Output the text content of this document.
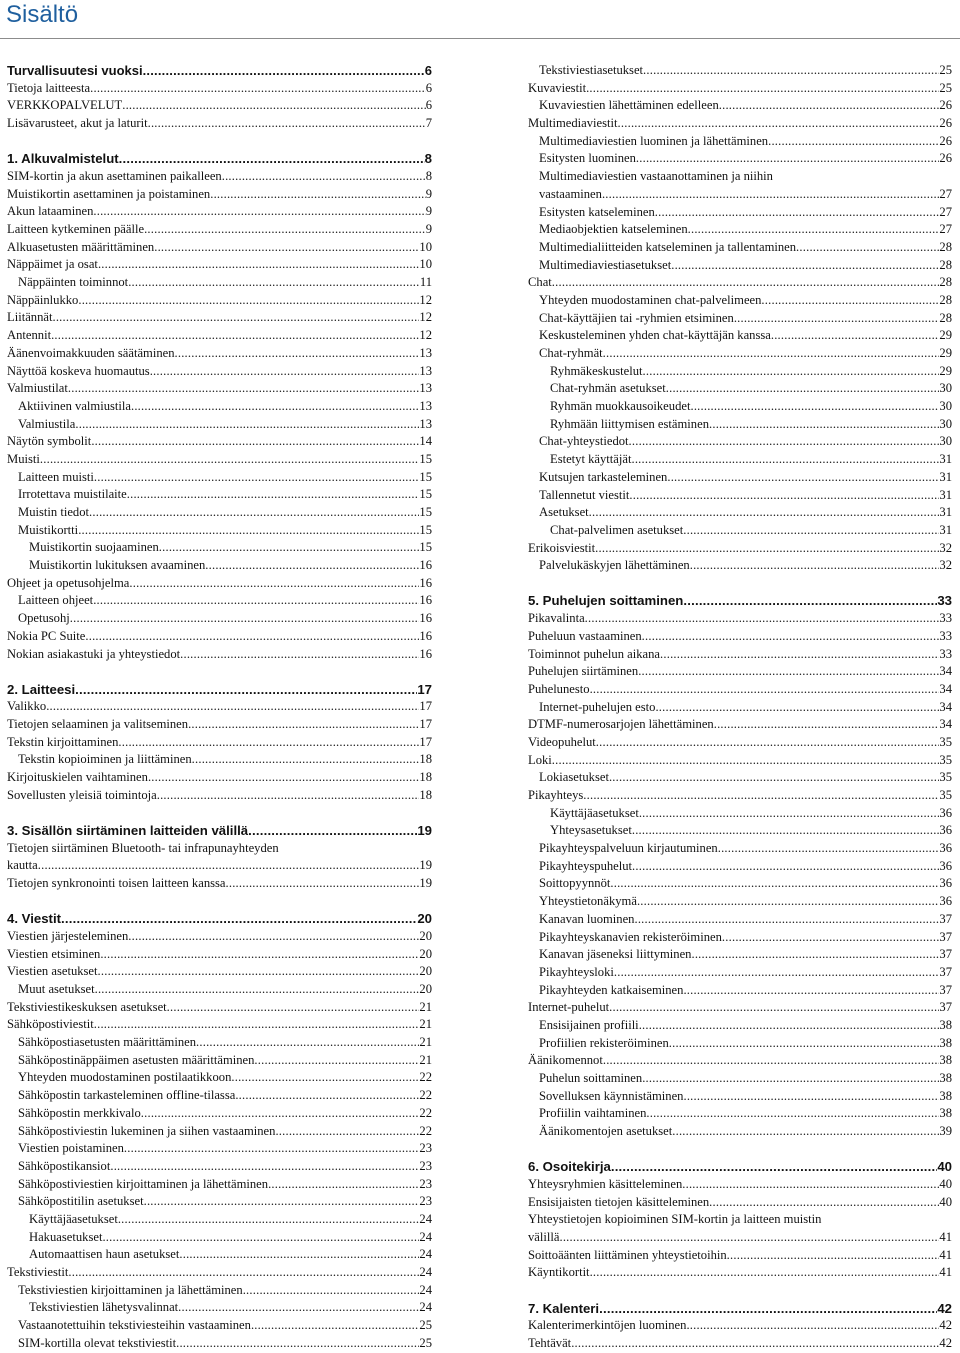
Sisältö
Turvallisuutesi vuoksi .....	6
Tietoja laitteesta .....	6
VERKKOPALVELUT .....	6
Lisävarusteet, akut ja laturit .....	7
1. Alkuvalmistelut .....	8
SIM-kortin ja akun asettaminen paikalleen .....	8
Muistikortin asettaminen ja poistaminen .....	9
Akun lataaminen .....	9
Laitteen kytkeminen päälle .....	9
Alkuasetusten määrittäminen .....	10
Näppäimet ja osat .....	10
Näppäinten toiminnot .....	11
Näppäinlukko .....	12
Liitännät .....	12
Antennit .....	12
Äänenvoimakkuuden säätäminen .....	13
Näyttöä koskeva huomautus .....	13
Valmiustilat .....	13
Aktiivinen valmiustila .....	13
Valmiustila .....	13
Näytön symbolit .....	14
Muisti .....	15
Laitteen muisti .....	15
Irrotettava muistilaite .....	15
Muistin tiedot .....	15
Muistikortti .....	15
Muistikortin suojaaminen .....	15
Muistikortin lukituksen avaaminen .....	16
Ohjeet ja opetusohjelma .....	16
Laitteen ohjeet .....	16
Opetusohj .....	16
Nokia PC Suite .....	16
Nokian asiakastuki ja yhteystiedot .....	16
2. Laitteesi .....	17
Valikko .....	17
Tietojen selaaminen ja valitseminen .....	17
Tekstin kirjoittaminen .....	17
Tekstin kopioiminen ja liittäminen .....	18
Kirjoituskielen vaihtaminen .....	18
Sovellusten yleisiä toimintoja .....	18
3. Sisällön siirtäminen laitteiden välillä .....	19
Tietojen siirtäminen Bluetooth- tai infrapunayhteyden
kautta .....	19
Tietojen synkronointi toisen laitteen kanssa .....	19
4. Viestit .....	20
Viestien järjesteleminen .....	20
Viestien etsiminen .....	20
Viestien asetukset .....	20
Muut asetukset .....	20
Tekstiviestikeskuksen asetukset .....	21
Sähköpostiviestit .....	21
Sähköpostiasetusten määrittäminen .....	21
Sähköpostinäppäimen asetusten määrittäminen .....	21
Yhteyden muodostaminen postilaatikkoon .....	22
Sähköpostin tarkasteleminen offline-tilassa .....	22
Sähköpostin merkkivalo .....	22
Sähköpostiviestin lukeminen ja siihen vastaaminen .....	22
Viestien poistaminen .....	23
Sähköpostikansiot .....	23
Sähköpostiviestien kirjoittaminen ja lähettäminen .....	23
Sähköpostitilin asetukset .....	23
Käyttäjäasetukset .....	24
Hakuasetukset .....	24
Automaattisen haun asetukset .....	24
Tekstiviestit .....	24
Tekstiviestien kirjoittaminen ja lähettäminen .....	24
Tekstiviestien lähetysvalinnat .....	24
Vastaanotettuihin tekstiviesteihin vastaaminen .....	25
SIM-kortilla olevat tekstiviestit .....	25
Tekstiviestiasetukset .....	25
Kuvaviestit .....	25
Kuvaviestien lähettäminen edelleen .....	26
Multimediaviestit .....	26
Multimediaviestien luominen ja lähettäminen .....	26
Esitysten luominen .....	26
Multimediaviestien vastaanottaminen ja niihin
vastaaminen .....	27
Esitysten katseleminen .....	27
Mediaobjektien katseleminen .....	27
Multimedialiitteiden katseleminen ja tallentaminen .....	28
Multimediaviestiasetukset .....	28
Chat .....	28
Yhteyden muodostaminen chat-palvelimeen .....	28
Chat-käyttäjien tai -ryhmien etsiminen .....	28
Keskusteleminen yhden chat-käyttäjän kanssa .....	29
Chat-ryhmät .....	29
Ryhmäkeskustelut .....	29
Chat-ryhmän asetukset .....	30
Ryhmän muokkausoikeudet .....	30
Ryhmään liittymisen estäminen .....	30
Chat-yhteystiedot .....	30
Estetyt käyttäjät .....	31
Kutsujen tarkasteleminen .....	31
Tallennetut viestit .....	31
Asetukset .....	31
Chat-palvelimen asetukset .....	31
Erikoisviestit .....	32
Palvelukäskyjen lähettäminen .....	32
5. Puhelujen soittaminen .....	33
Pikavalinta .....	33
Puheluun vastaaminen .....	33
Toiminnot puhelun aikana .....	33
Puhelujen siirtäminen .....	34
Puhelunesto .....	34
Internet-puhelujen esto .....	34
DTMF-numerosarjojen lähettäminen .....	34
Videopuhelut .....	35
Loki .....	35
Lokiasetukset .....	35
Pikayhteys .....	35
Käyttäjäasetukset .....	36
Yhteysasetukset .....	36
Pikayhteyspalveluun kirjautuminen .....	36
Pikayhteyspuhelut .....	36
Soittopyynnöt .....	36
Yhteystietonäkymä .....	36
Kanavan luominen .....	37
Pikayhteyskanavien rekisteröiminen .....	37
Kanavan jäseneksi liittyminen .....	37
Pikayhteysloki .....	37
Pikayhteyden katkaiseminen .....	37
Internet-puhelut .....	37
Ensisijainen profiili .....	38
Profiilien rekisteröiminen .....	38
Äänikomennot .....	38
Puhelun soittaminen .....	38
Sovelluksen käynnistäminen .....	38
Profiilin vaihtaminen .....	38
Äänikomentojen asetukset .....	39
6. Osoitekirja .....	40
Yhteysryhmien käsitteleminen .....	40
Ensisijaisten tietojen käsitteleminen .....	40
Yhteystietojen kopioiminen SIM-kortin ja laitteen muistin
välillä .....	41
Soittoäänten liittäminen yhteystietoihin .....	41
Käyntikortit .....	41
7. Kalenteri .....	42
Kalenterimerkintöjen luominen .....	42
Tehtävät .....	42
